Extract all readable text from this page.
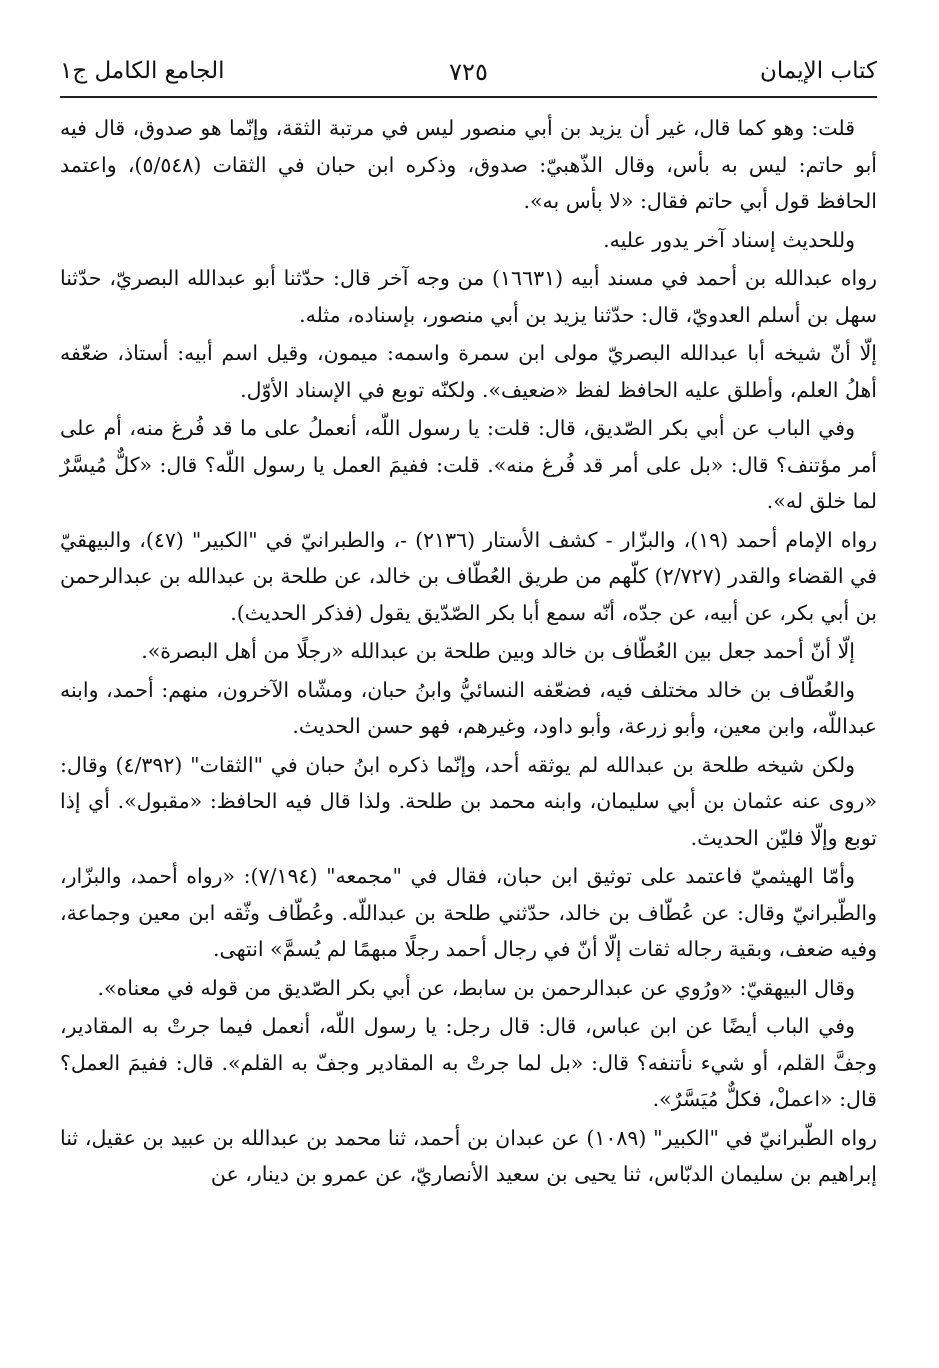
كتاب الإيمان
٧٢٥
الجامع الكامل ج١

قلت: وهو كما قال، غير أن يزيد بن أبي منصور ليس في مرتبة الثقة، وإنّما هو صدوق، قال فيه أبو حاتم: ليس به بأس، وقال الذّهبيّ: صدوق، وذكره ابن حبان في الثقات (٥/٥٤٨)، واعتمد الحافظ قول أبي حاتم فقال: «لا بأس به».

وللحديث إسناد آخر يدور عليه.

رواه عبدالله بن أحمد في مسند أبيه (١٦٦٣١) من وجه آخر قال: حدّثنا أبو عبدالله البصريّ، حدّثنا سهل بن أسلم العدويّ، قال: حدّثنا يزيد بن أبي منصور، بإسناده، مثله.

إلّا أنّ شيخه أبا عبدالله البصريّ مولى ابن سمرة واسمه: ميمون، وقيل اسم أبيه: أستاذ، ضعّفه أهلُ العلم، وأطلق عليه الحافظ لفظ «ضعيف». ولكنّه توبع في الإسناد الأوّل.

وفي الباب عن أبي بكر الصّديق، قال: قلت: يا رسول اللّه، أنعملُ على ما قد فُرغ منه، أم على أمر مؤتنف؟ قال: «بل على أمر قد فُرغ منه». قلت: ففيمَ العمل يا رسول اللّه؟ قال: «كلٌّ مُيسَّرٌ لما خلق له».

رواه الإمام أحمد (١٩)، والبزّار - كشف الأستار (٢١٣٦) -، والطبرانيّ في "الكبير" (٤٧)، والبيهقيّ في القضاء والقدر (٢/٧٢٧) كلّهم من طريق العُطّاف بن خالد، عن طلحة بن عبدالله بن عبدالرحمن بن أبي بكر، عن أبيه، عن جدّه، أنّه سمع أبا بكر الصّدّيق يقول (فذكر الحديث).

إلّا أنّ أحمد جعل بين العُطّاف بن خالد وبين طلحة بن عبدالله «رجلًا من أهل البصرة».

والعُطّاف بن خالد مختلف فيه، فضعّفه النسائيُّ وابنُ حبان، ومشّاه الآخرون، منهم: أحمد، وابنه عبداللّه، وابن معين، وأبو زرعة، وأبو داود، وغيرهم، فهو حسن الحديث.

ولكن شيخه طلحة بن عبدالله لم يوثقه أحد، وإنّما ذكره ابنُ حبان في "الثقات" (٤/٣٩٢) وقال: «روى عنه عثمان بن أبي سليمان، وابنه محمد بن طلحة. ولذا قال فيه الحافظ: «مقبول». أي إذا توبع وإلّا فليّن الحديث.

وأمّا الهيثميّ فاعتمد على توثيق ابن حبان، فقال في "مجمعه" (٧/١٩٤): «رواه أحمد، والبزّار، والطّبرانيّ وقال: عن عُطّاف بن خالد، حدّثني طلحة بن عبداللّه. وعُطّاف وثّقه ابن معين وجماعة، وفيه ضعف، وبقية رجاله ثقات إلّا أنّ في رجال أحمد رجلًا مبهمًا لم يُسمَّ» انتهى.

وقال البيهقيّ: «ورُوي عن عبدالرحمن بن سابط، عن أبي بكر الصّديق من قوله في معناه».

وفي الباب أيضًا عن ابن عباس، قال: قال رجل: يا رسول اللّه، أنعمل فيما جرتْ به المقادير، وجفَّ القلم، أو شيء نأتنفه؟ قال: «بل لما جرتْ به المقادير وجفّ به القلم». قال: ففيمَ العمل؟ قال: «اعملْ، فكلٌّ مُيَسَّرٌ».

رواه الطّبرانيّ في "الكبير" (١٠٨٩) عن عبدان بن أحمد، ثنا محمد بن عبدالله بن عبيد بن عقيل، ثنا إبراهيم بن سليمان الدبّاس، ثنا يحيى بن سعيد الأنصاريّ، عن عمرو بن دينار، عن
